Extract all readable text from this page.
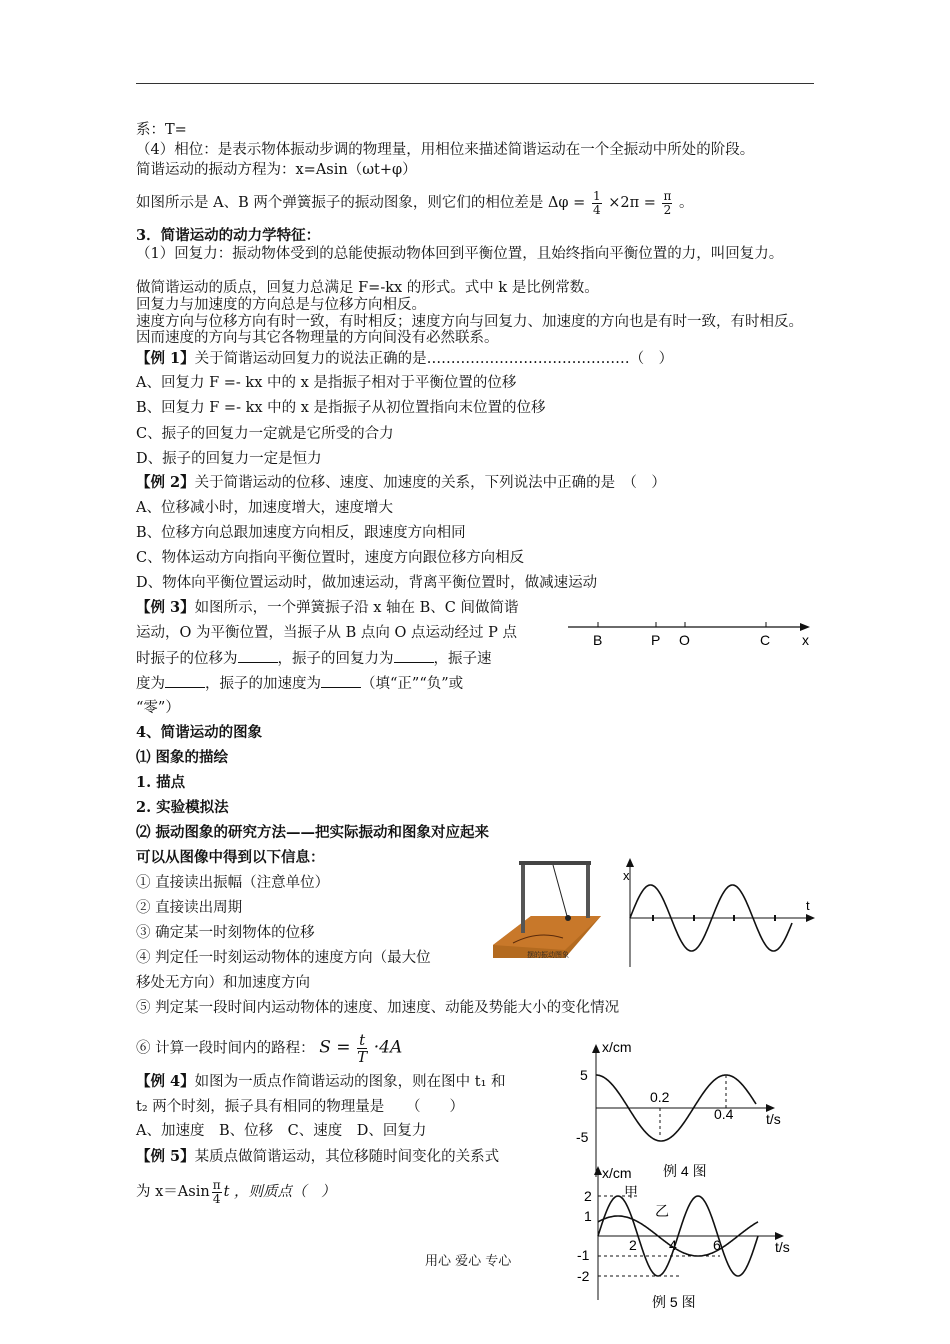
系：T=
（4）相位：是表示物体振动步调的物理量，用相位来描述简谐运动在一个全振动中所处的阶段。
简谐运动的振动方程为：x=Asin（ωt+φ）
如图所示是 A、B 两个弹簧振子的振动图象，则它们的相位差是 $\Delta\varphi = \frac{1}{4} \times 2\pi = \frac{\pi}{2}$ 。
3．简谐运动的动力学特征：
（1）回复力：振动物体受到的总能使振动物体回到平衡位置，且始终指向平衡位置的力，叫回复力。
做简谐运动的质点，回复力总满足 F=-kx 的形式。式中 k 是比例常数。
回复力与加速度的方向总是与位移方向相反。
速度方向与位移方向有时一致，有时相反；速度方向与回复力、加速度的方向也是有时一致，有时相反。因而速度的方向与其它各物理量的方向间没有必然联系。
【例 1】关于简谐运动回复力的说法正确的是……………………………………（　）
A、回复力 F =- kx 中的 x 是指振子相对于平衡位置的位移
B、回复力 F =- kx 中的 x 是指振子从初位置指向末位置的位移
C、振子的回复力一定就是它所受的合力
D、振子的回复力一定是恒力
【例 2】关于简谐运动的位移、速度、加速度的关系，下列说法中正确的是　（　）
A、位移减小时，加速度增大，速度增大
B、位移方向总跟加速度方向相反，跟速度方向相同
C、物体运动方向指向平衡位置时，速度方向跟位移方向相反
D、物体向平衡位置运动时，做加速运动，背离平衡位置时，做减速运动
【例 3】如图所示，一个弹簧振子沿 x 轴在 B、C 间做简谐
运动，O 为平衡位置，当振子从 B 点向 O 点运动经过 P 点
时振子的位移为	，振子的回复力为	，振子速
度为	，振子的加速度为	（填“正”“负”或
“零”）
B	P O	C x
4、简谐运动的图象
⑴ 图象的描绘
1. 描点
2. 实验模拟法
⑵ 振动图象的研究方法——把实际振动和图象对应起来
可以从图像中得到以下信息：
① 直接读出振幅（注意单位）
② 直接读出周期
③ 确定某一时刻物体的位移
④ 判定任一时刻运动物体的速度方向（最大位
移处无方向）和加速度方向
⑤ 判定某一段时间内运动物体的速度、加速度、动能及势能大小的变化情况
⑥ 计算一段时间内的路程： $S = \frac{t}{T} \cdot 4A$
摆的振动图象
x
t
【例 4】如图为一质点作简谐运动的图象，则在图中 t₁ 和
t₂ 两个时刻，振子具有相同的物理量是　　（　　）
A、加速度　B、位移　C、速度　D、回复力
x/cm
t/s
5
-5
0.2
0.4
例 4 图
【例 5】某质点做简谐运动，其位移随时间变化的关系式
为 $x=Asin \frac{\pi}{4}$ t ，则质点（　）
x/cm
t/s
2
1
-1
-2
2 4	6
甲
乙
例 5 图
用心 爱心 专心
